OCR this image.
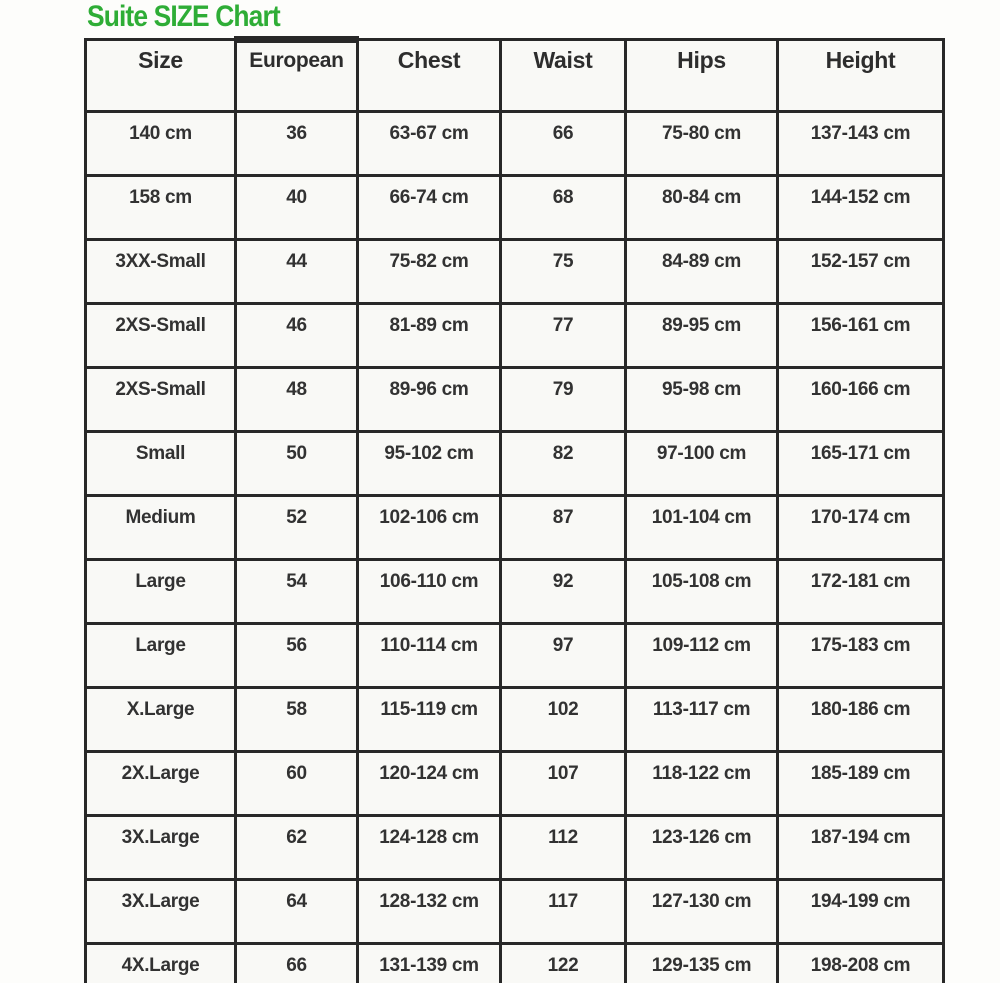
Suite SIZE Chart
Size	European	Chest	Waist	Hips	Height
140 cm	36	63-67 cm	66	75-80 cm	137-143 cm
158 cm	40	66-74 cm	68	80-84 cm	144-152 cm
3XX-Small	44	75-82 cm	75	84-89 cm	152-157 cm
2XS-Small	46	81-89 cm	77	89-95 cm	156-161 cm
2XS-Small	48	89-96 cm	79	95-98 cm	160-166 cm
Small	50	95-102 cm	82	97-100 cm	165-171 cm
Medium	52	102-106 cm	87	101-104 cm	170-174 cm
Large	54	106-110 cm	92	105-108 cm	172-181 cm
Large	56	110-114 cm	97	109-112 cm	175-183 cm
X.Large	58	115-119 cm	102	113-117 cm	180-186 cm
2X.Large	60	120-124 cm	107	118-122 cm	185-189 cm
3X.Large	62	124-128 cm	112	123-126 cm	187-194 cm
3X.Large	64	128-132 cm	117	127-130 cm	194-199 cm
4X.Large	66	131-139 cm	122	129-135 cm	198-208 cm
